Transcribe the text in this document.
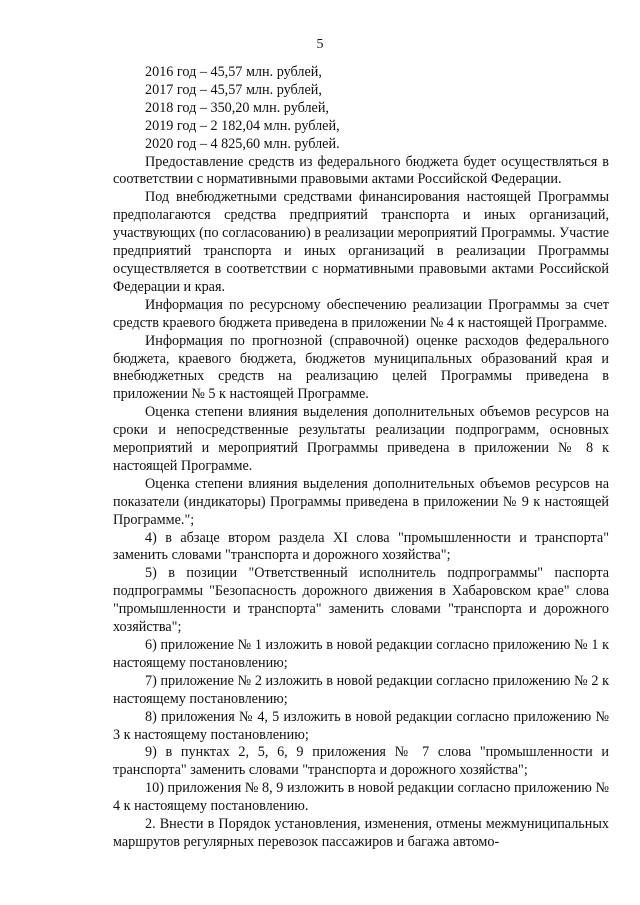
5

2016 год – 45,57 млн. рублей,

2017 год – 45,57 млн. рублей,

2018 год – 350,20 млн. рублей,

2019 год – 2 182,04 млн. рублей,

2020 год – 4 825,60 млн. рублей.

Предоставление средств из федерального бюджета будет осуществляться в соответствии с нормативными правовыми актами Российской Федерации.

Под внебюджетными средствами финансирования настоящей Программы предполагаются средства предприятий транспорта и иных организаций, участвующих (по согласованию) в реализации мероприятий Программы. Участие предприятий транспорта и иных организаций в реализации Программы осуществляется в соответствии с нормативными правовыми актами Российской Федерации и края.

Информация по ресурсному обеспечению реализации Программы за счет средств краевого бюджета приведена в приложении № 4 к настоящей Программе.

Информация по прогнозной (справочной) оценке расходов федерального бюджета, краевого бюджета, бюджетов муниципальных образований края и внебюджетных средств на реализацию целей Программы приведена в приложении № 5 к настоящей Программе.

Оценка степени влияния выделения дополнительных объемов ресурсов на сроки и непосредственные результаты реализации подпрограмм, основных мероприятий и мероприятий Программы приведена в приложении № 8 к настоящей Программе.

Оценка степени влияния выделения дополнительных объемов ресурсов на показатели (индикаторы) Программы приведена в приложении № 9 к настоящей Программе.";

4) в абзаце втором раздела XI слова "промышленности и транспорта" заменить словами "транспорта и дорожного хозяйства";

5) в позиции "Ответственный исполнитель подпрограммы" паспорта подпрограммы "Безопасность дорожного движения в Хабаровском крае" слова "промышленности и транспорта" заменить словами "транспорта и дорожного хозяйства";

6) приложение № 1 изложить в новой редакции согласно приложению № 1 к настоящему постановлению;

7) приложение № 2 изложить в новой редакции согласно приложению № 2 к настоящему постановлению;

8) приложения № 4, 5 изложить в новой редакции согласно приложению № 3 к настоящему постановлению;

9) в пунктах 2, 5, 6, 9 приложения № 7 слова "промышленности и транспорта" заменить словами "транспорта и дорожного хозяйства";

10) приложения № 8, 9 изложить в новой редакции согласно приложению № 4 к настоящему постановлению.

2. Внести в Порядок установления, изменения, отмены межмуниципальных маршрутов регулярных перевозок пассажиров и багажа автомо-
